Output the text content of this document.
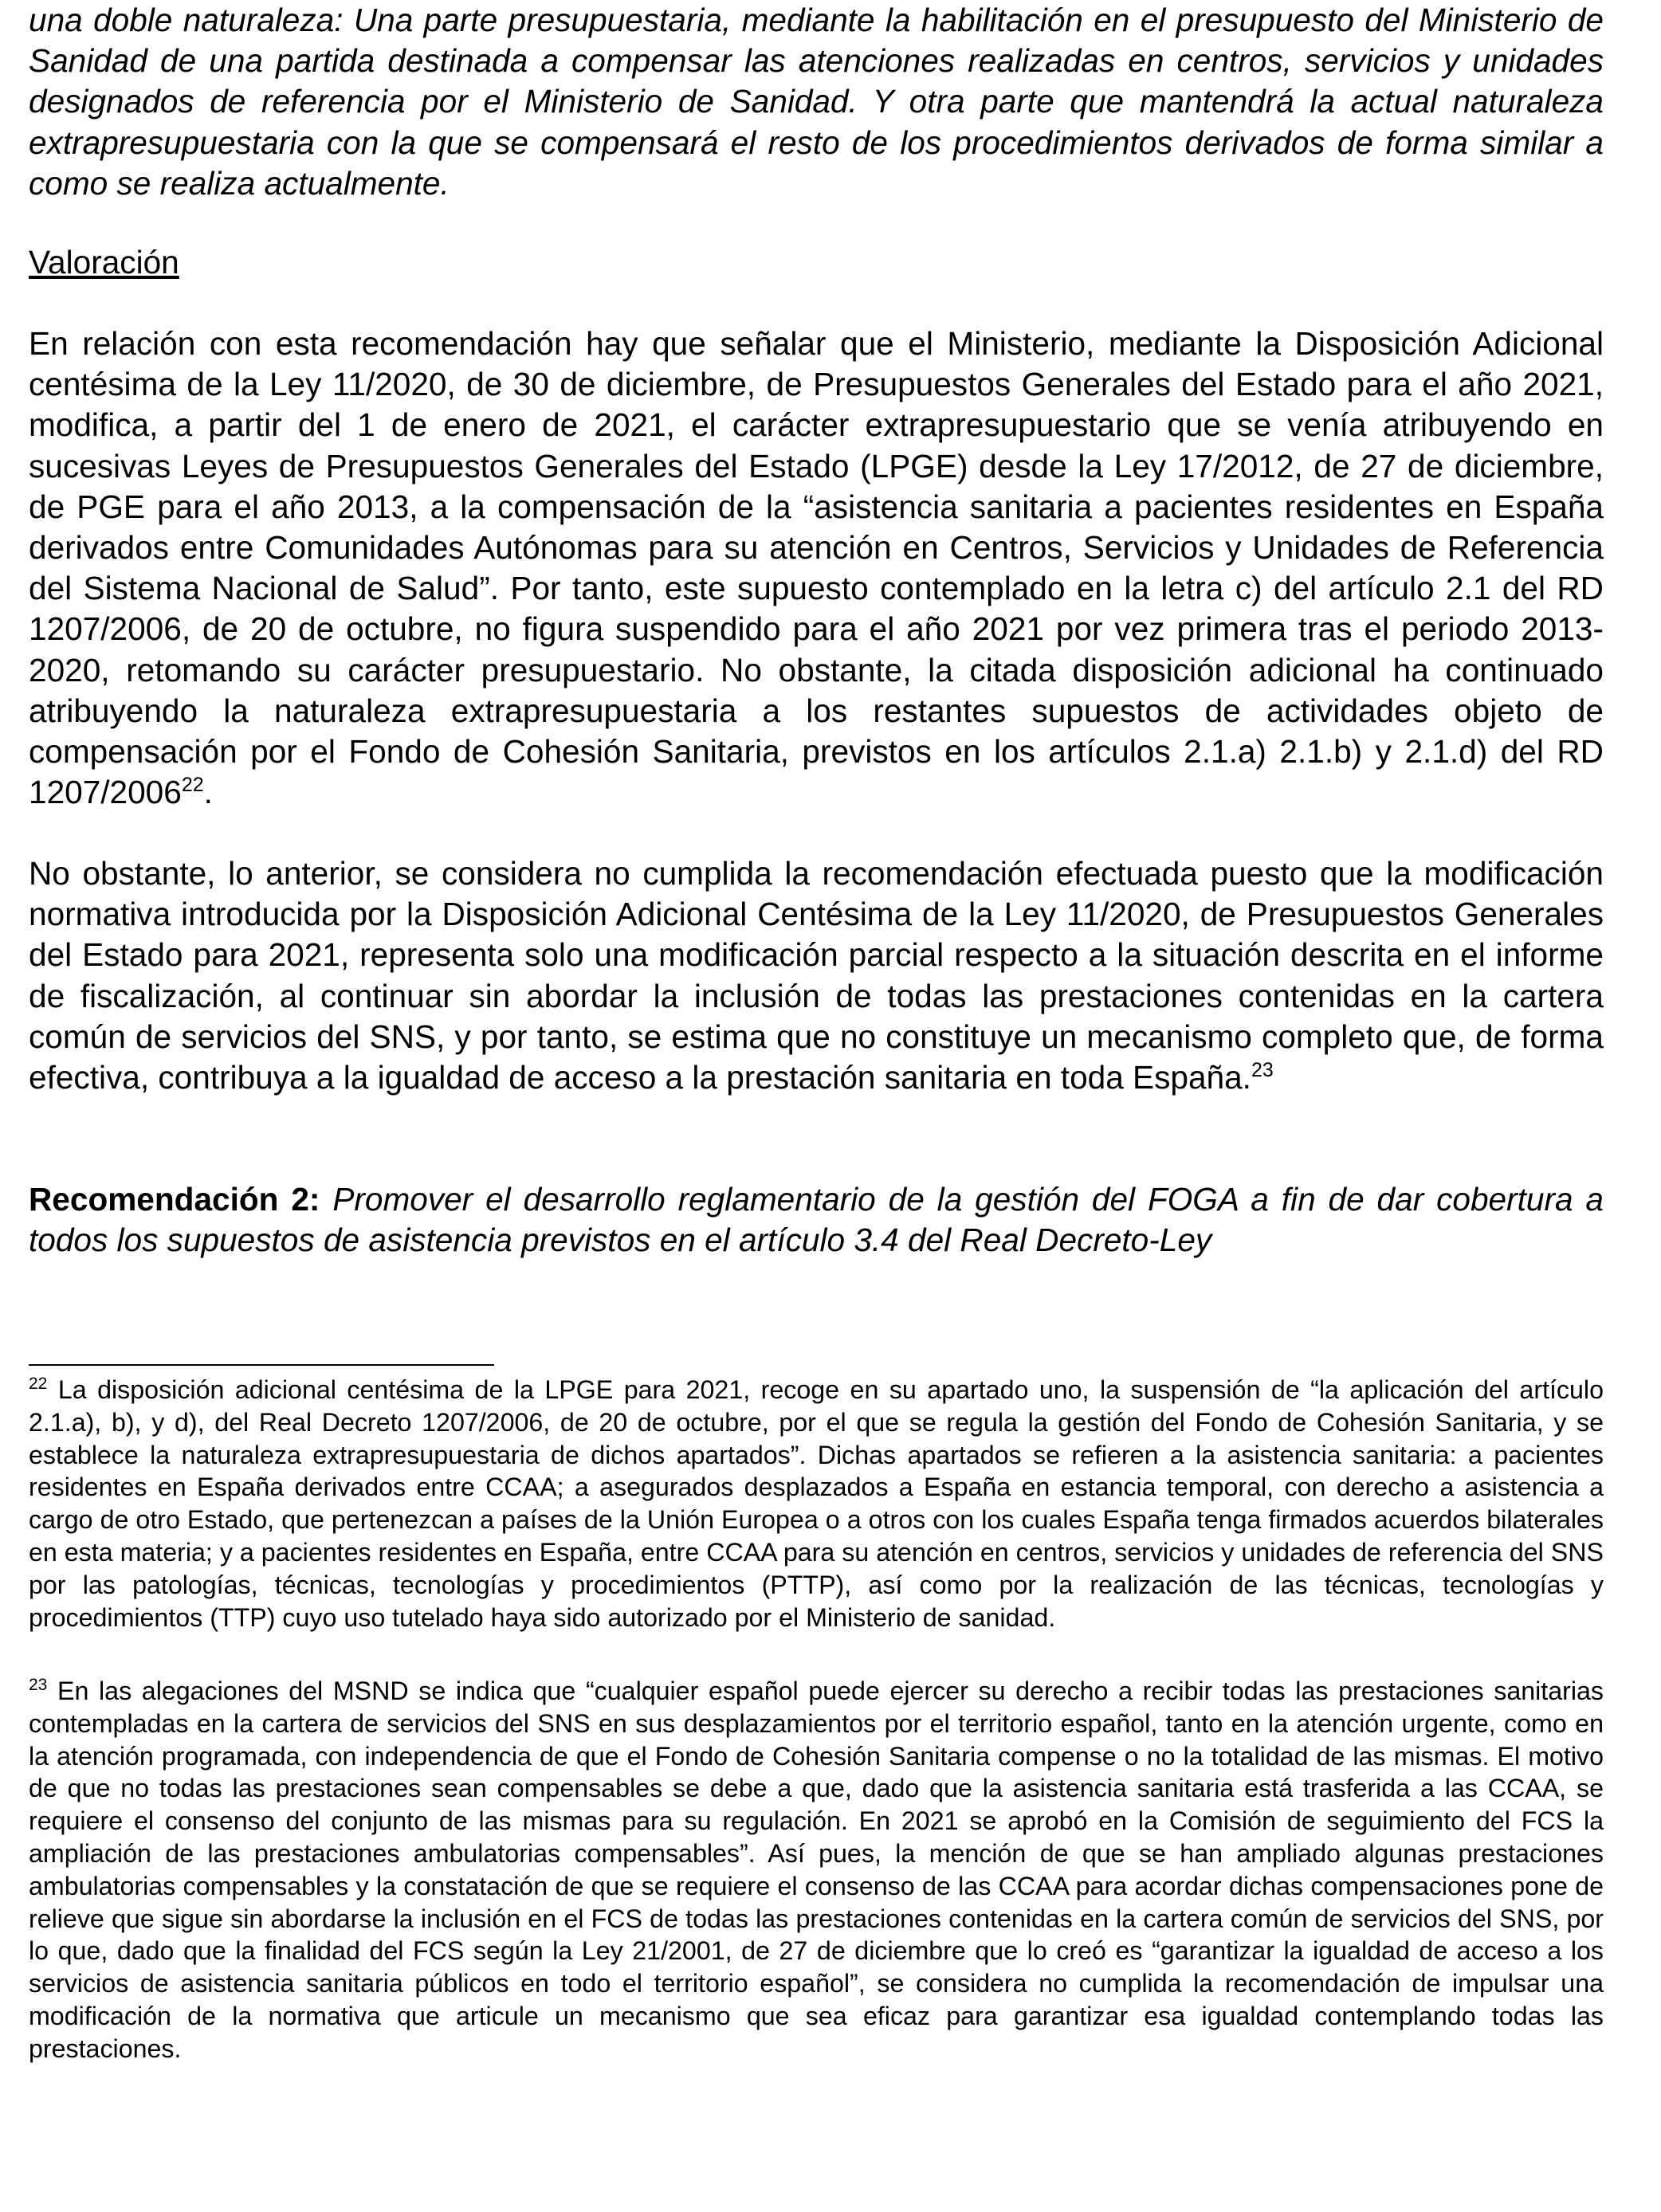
una doble naturaleza: Una parte presupuestaria, mediante la habilitación en el presupuesto del Ministerio de Sanidad de una partida destinada a compensar las atenciones realizadas en centros, servicios y unidades designados de referencia por el Ministerio de Sanidad. Y otra parte que mantendrá la actual naturaleza extrapresupuestaria con la que se compensará el resto de los procedimientos derivados de forma similar a como se realiza actualmente.

Valoración

En relación con esta recomendación hay que señalar que el Ministerio, mediante la Disposición Adicional centésima de la Ley 11/2020, de 30 de diciembre, de Presupuestos Generales del Estado para el año 2021, modifica, a partir del 1 de enero de 2021, el carácter extrapresupuestario que se venía atribuyendo en sucesivas Leyes de Presupuestos Generales del Estado (LPGE) desde la Ley 17/2012, de 27 de diciembre, de PGE para el año 2013, a la compensación de la “asistencia sanitaria a pacientes residentes en España derivados entre Comunidades Autónomas para su atención en Centros, Servicios y Unidades de Referencia del Sistema Nacional de Salud”. Por tanto, este supuesto contemplado en la letra c) del artículo 2.1 del RD 1207/2006, de 20 de octubre, no figura suspendido para el año 2021 por vez primera tras el periodo 2013-2020, retomando su carácter presupuestario. No obstante, la citada disposición adicional ha continuado atribuyendo la naturaleza extrapresupuestaria a los restantes supuestos de actividades objeto de compensación por el Fondo de Cohesión Sanitaria, previstos en los artículos 2.1.a) 2.1.b) y 2.1.d) del RD 1207/2006$^{22}$.

No obstante, lo anterior, se considera no cumplida la recomendación efectuada puesto que la modificación normativa introducida por la Disposición Adicional Centésima de la Ley 11/2020, de Presupuestos Generales del Estado para 2021, representa solo una modificación parcial respecto a la situación descrita en el informe de fiscalización, al continuar sin abordar la inclusión de todas las prestaciones contenidas en la cartera común de servicios del SNS, y por tanto, se estima que no constituye un mecanismo completo que, de forma efectiva, contribuya a la igualdad de acceso a la prestación sanitaria en toda España.$^{23}$

Recomendación 2: Promover el desarrollo reglamentario de la gestión del FOGA a fin de dar cobertura a todos los supuestos de asistencia previstos en el artículo 3.4 del Real Decreto-Ley

$^{22}$ La disposición adicional centésima de la LPGE para 2021, recoge en su apartado uno, la suspensión de “la aplicación del artículo 2.1.a), b), y d), del Real Decreto 1207/2006, de 20 de octubre, por el que se regula la gestión del Fondo de Cohesión Sanitaria, y se establece la naturaleza extrapresupuestaria de dichos apartados”. Dichas apartados se refieren a la asistencia sanitaria: a pacientes residentes en España derivados entre CCAA; a asegurados desplazados a España en estancia temporal, con derecho a asistencia a cargo de otro Estado, que pertenezcan a países de la Unión Europea o a otros con los cuales España tenga firmados acuerdos bilaterales en esta materia; y a pacientes residentes en España, entre CCAA para su atención en centros, servicios y unidades de referencia del SNS por las patologías, técnicas, tecnologías y procedimientos (PTTP), así como por la realización de las técnicas, tecnologías y procedimientos (TTP) cuyo uso tutelado haya sido autorizado por el Ministerio de sanidad.

$^{23}$ En las alegaciones del MSND se indica que “cualquier español puede ejercer su derecho a recibir todas las prestaciones sanitarias contempladas en la cartera de servicios del SNS en sus desplazamientos por el territorio español, tanto en la atención urgente, como en la atención programada, con independencia de que el Fondo de Cohesión Sanitaria compense o no la totalidad de las mismas. El motivo de que no todas las prestaciones sean compensables se debe a que, dado que la asistencia sanitaria está trasferida a las CCAA, se requiere el consenso del conjunto de las mismas para su regulación. En 2021 se aprobó en la Comisión de seguimiento del FCS la ampliación de las prestaciones ambulatorias compensables”. Así pues, la mención de que se han ampliado algunas prestaciones ambulatorias compensables y la constatación de que se requiere el consenso de las CCAA para acordar dichas compensaciones pone de relieve que sigue sin abordarse la inclusión en el FCS de todas las prestaciones contenidas en la cartera común de servicios del SNS, por lo que, dado que la finalidad del FCS según la Ley 21/2001, de 27 de diciembre que lo creó es “garantizar la igualdad de acceso a los servicios de asistencia sanitaria públicos en todo el territorio español”, se considera no cumplida la recomendación de impulsar una modificación de la normativa que articule un mecanismo que sea eficaz para garantizar esa igualdad contemplando todas las prestaciones.
